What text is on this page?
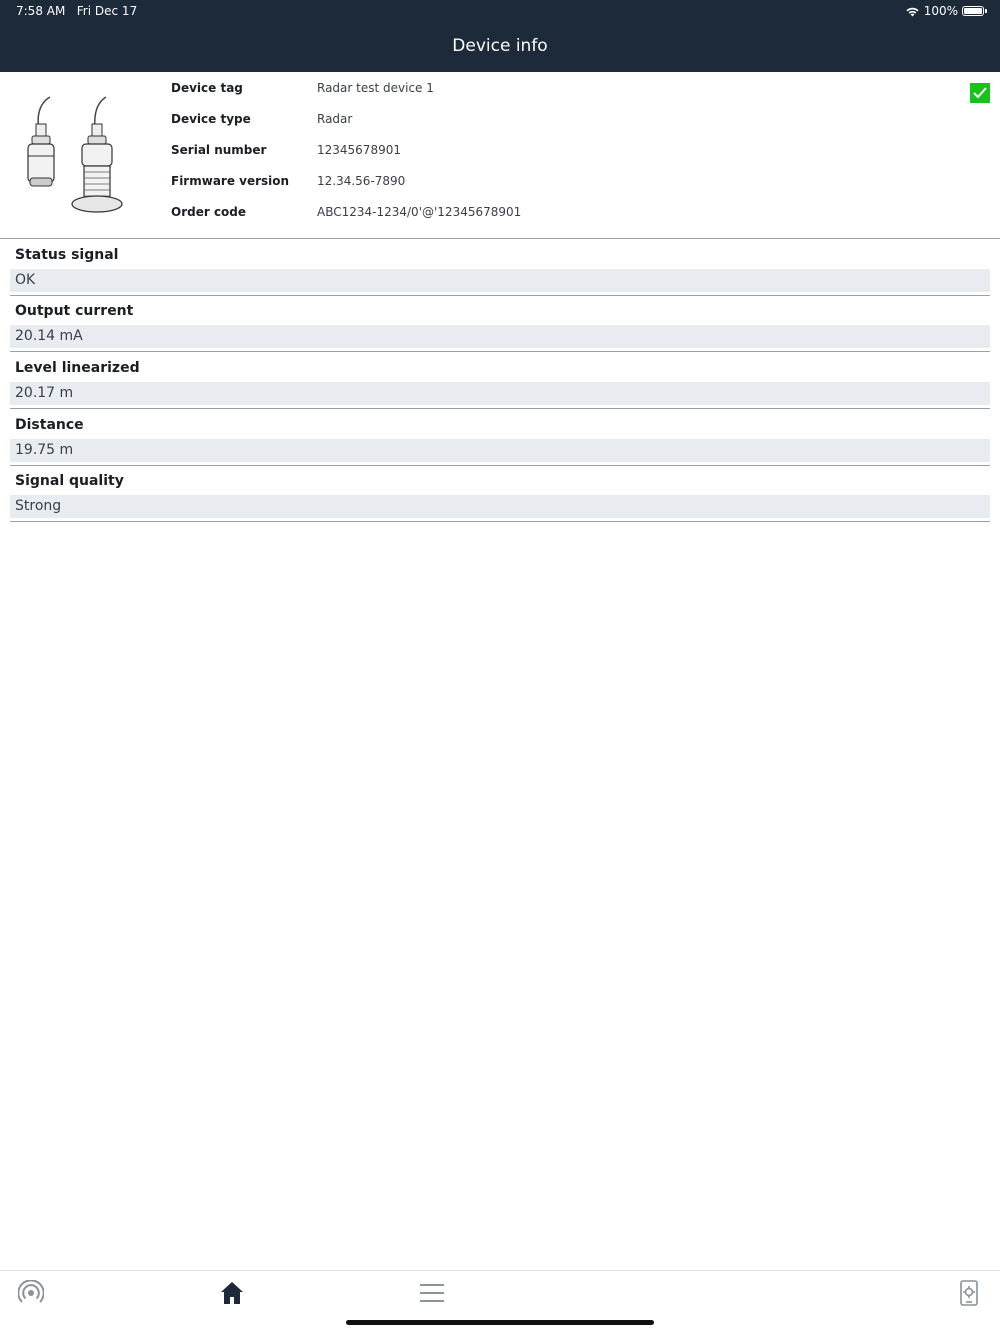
7:58 AM Fri Dec 17	100%
Device info
Device tag	Radar test device 1
Device type	Radar
Serial number	12345678901
Firmware version	12.34.56-7890
Order code	ABC1234-1234/0'@'12345678901
Status signal
OK
Output current
20.14 mA
Level linearized
20.17 m
Distance
19.75 m
Signal quality
Strong
